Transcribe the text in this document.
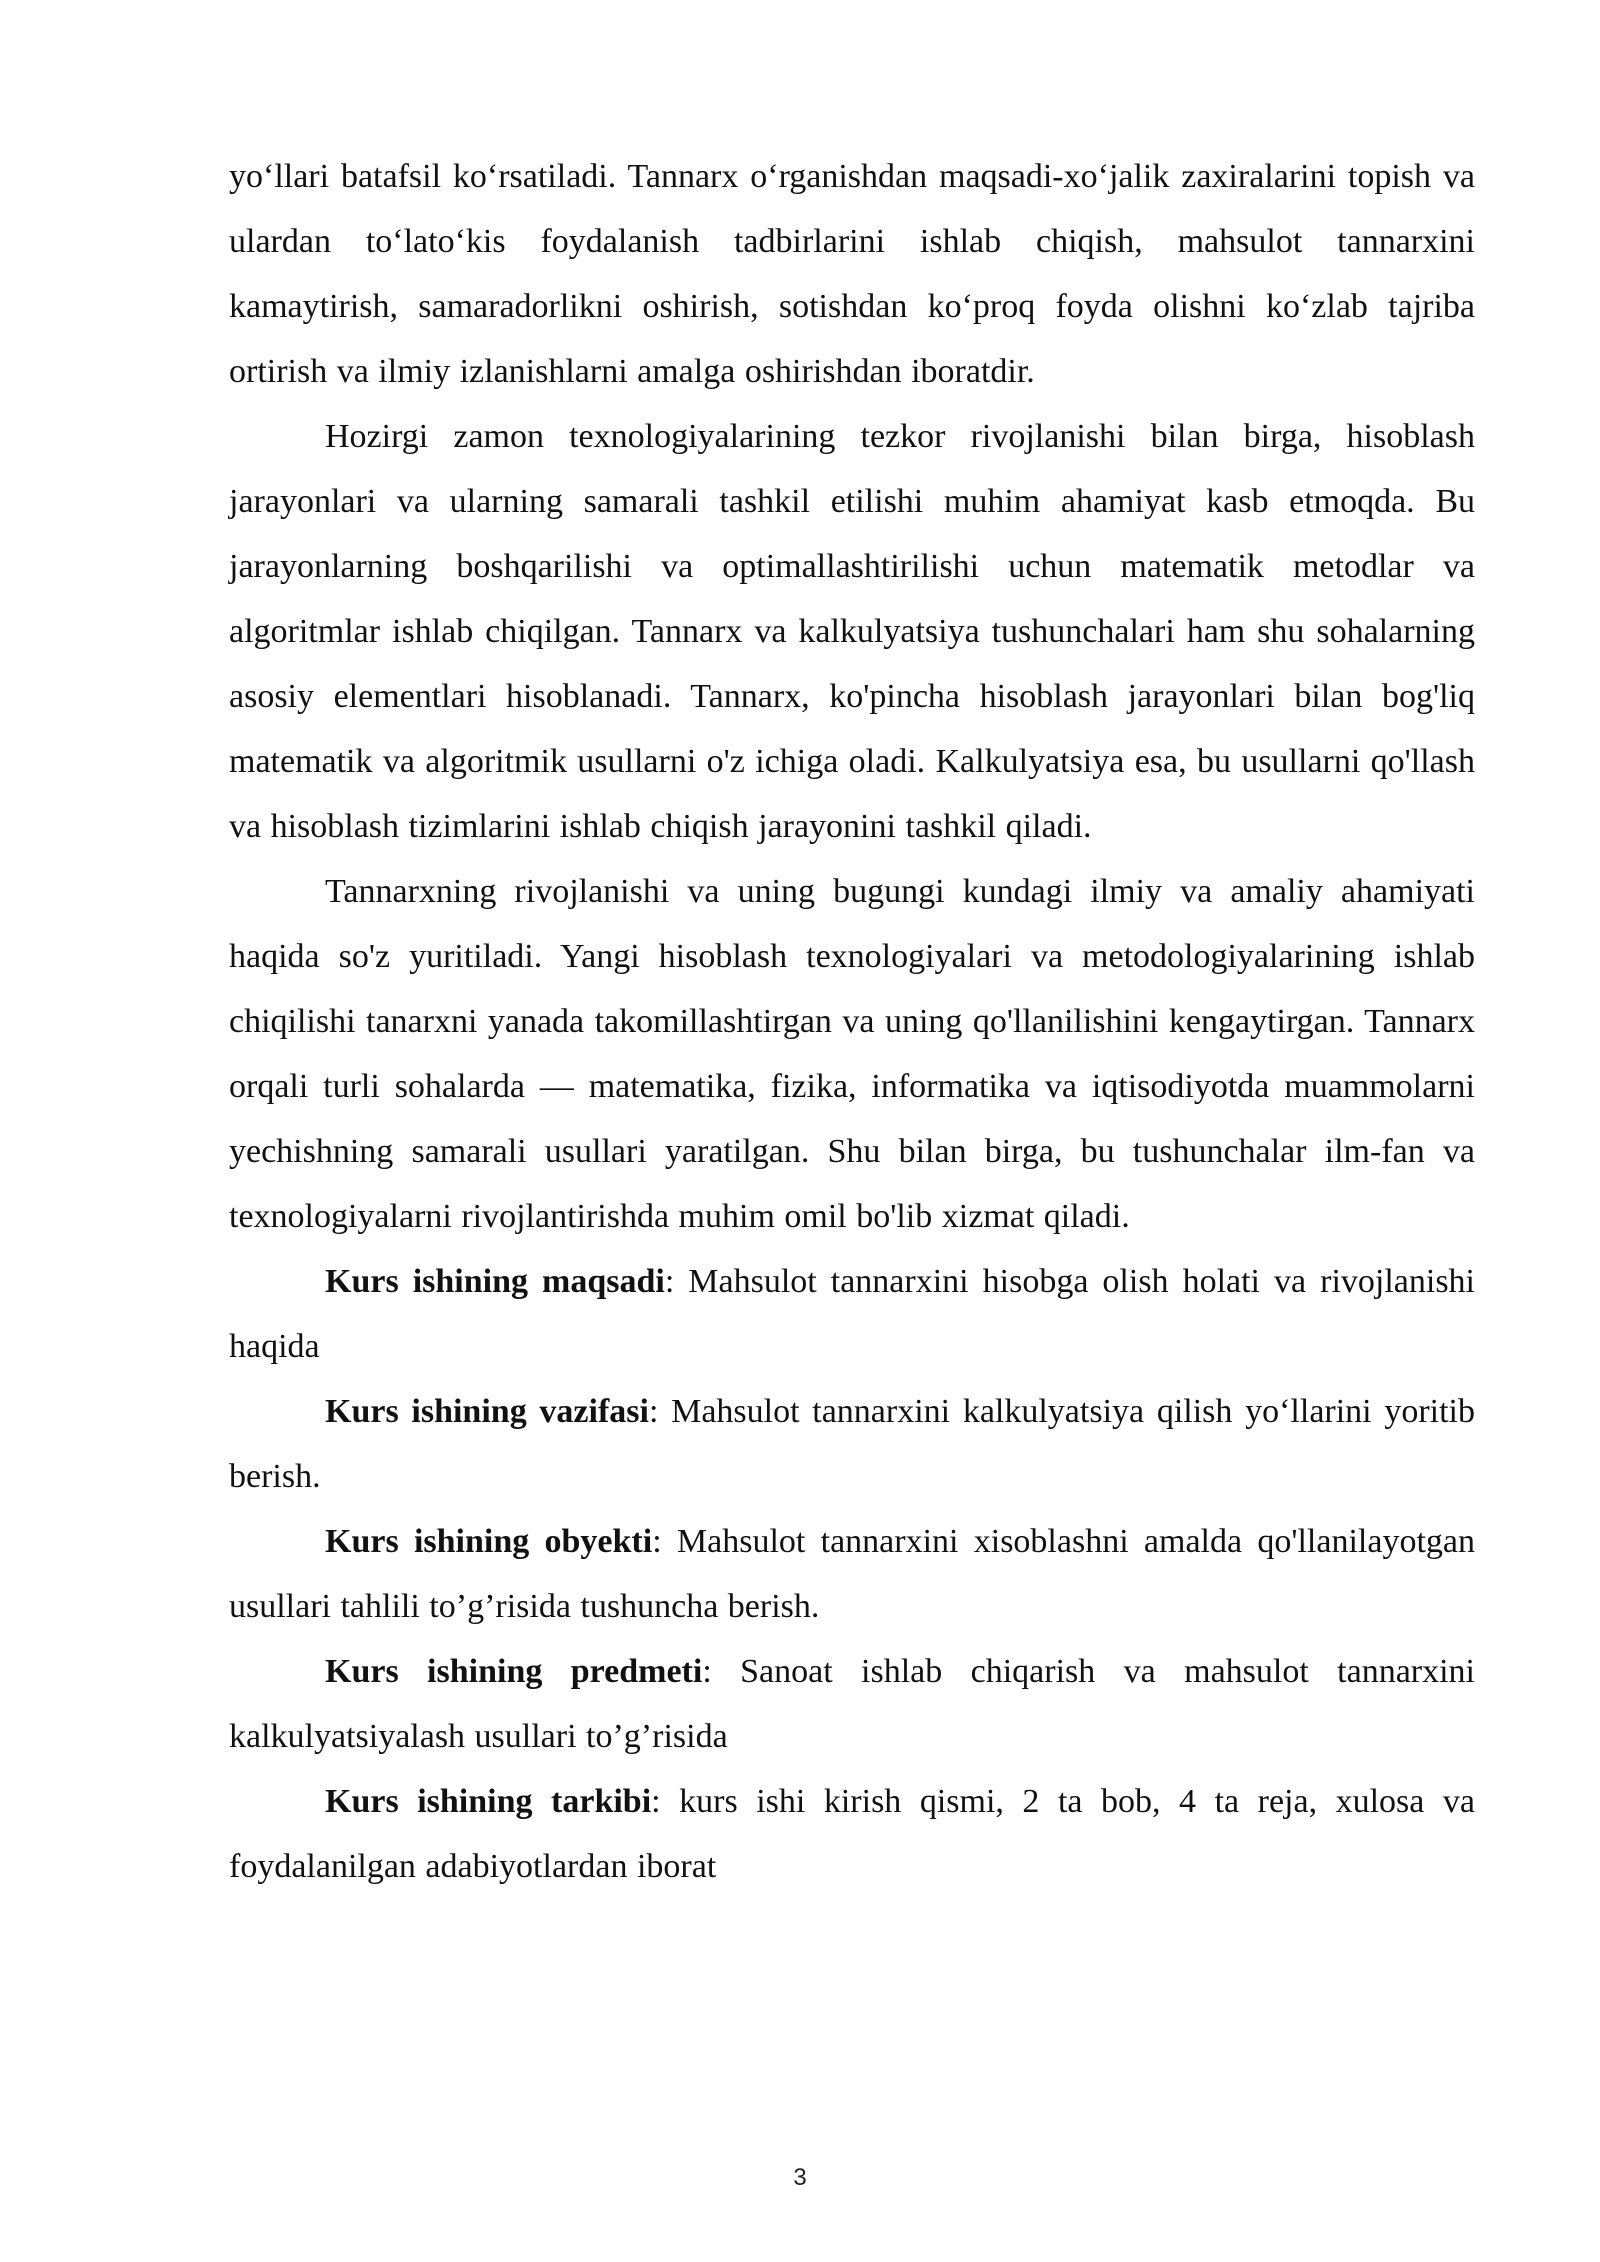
yo‘llari batafsil ko‘rsatiladi. Tannarx o‘rganishdan maqsadi-xo‘jalik zaxiralarini topish va ulardan to‘lato‘kis foydalanish tadbirlarini ishlab chiqish, mahsulot tannarxini kamaytirish, samaradorlikni oshirish, sotishdan ko‘proq foyda olishni ko‘zlab tajriba ortirish va ilmiy izlanishlarni amalga oshirishdan iboratdir.

Hozirgi zamon texnologiyalarining tezkor rivojlanishi bilan birga, hisoblash jarayonlari va ularning samarali tashkil etilishi muhim ahamiyat kasb etmoqda. Bu jarayonlarning boshqarilishi va optimallashtirilishi uchun matematik metodlar va algoritmlar ishlab chiqilgan. Tannarx va kalkulyatsiya tushunchalari ham shu sohalarning asosiy elementlari hisoblanadi. Tannarx, ko'pincha hisoblash jarayonlari bilan bog'liq matematik va algoritmik usullarni o'z ichiga oladi. Kalkulyatsiya esa, bu usullarni qo'llash va hisoblash tizimlarini ishlab chiqish jarayonini tashkil qiladi.

Tannarxning rivojlanishi va uning bugungi kundagi ilmiy va amaliy ahamiyati haqida so'z yuritiladi. Yangi hisoblash texnologiyalari va metodologiyalarining ishlab chiqilishi tanarxni yanada takomillashtirgan va uning qo'llanilishini kengaytirgan. Tannarx orqali turli sohalarda — matematika, fizika, informatika va iqtisodiyotda muammolarni yechishning samarali usullari yaratilgan. Shu bilan birga, bu tushunchalar ilm-fan va texnologiyalarni rivojlantirishda muhim omil bo'lib xizmat qiladi.

Kurs ishining maqsadi: Mahsulot tannarxini hisobga olish holati va rivojlanishi haqida

Kurs ishining vazifasi: Mahsulot tannarxini kalkulyatsiya qilish yo‘llarini yoritib berish.

Kurs ishining obyekti: Mahsulot tannarxini xisoblashni amalda qo'llanilayotgan usullari tahlili to’g’risida tushuncha berish.

Kurs ishining predmeti: Sanoat ishlab chiqarish va mahsulot tannarxini kalkulyatsiyalash usullari to’g’risida

Kurs ishining tarkibi: kurs ishi kirish qismi, 2 ta bob, 4 ta reja, xulosa va foydalanilgan adabiyotlardan iborat

3
